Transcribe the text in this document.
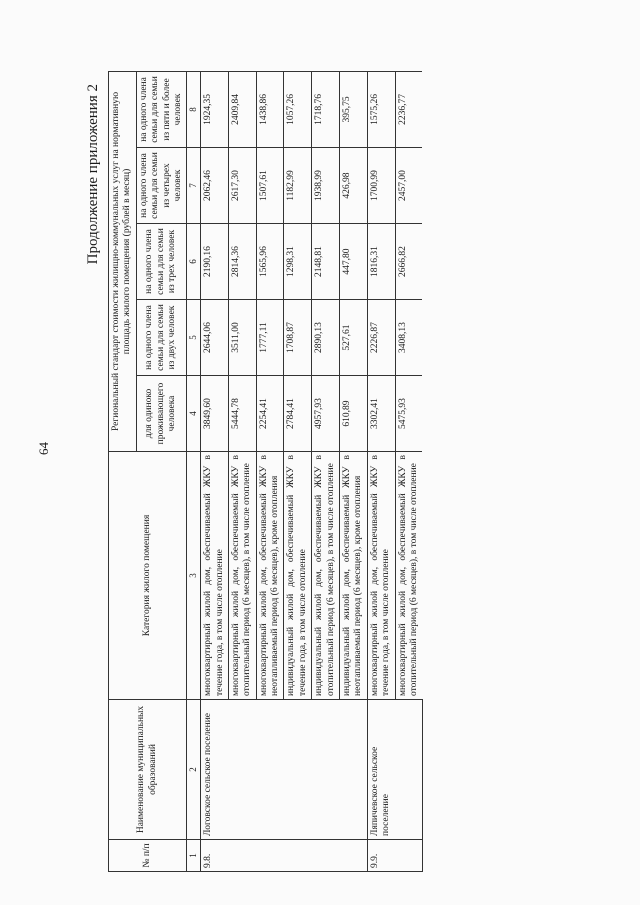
64
Продолжение приложения 2
№ п/п	Наименование муниципальных образований	Категория жилого помещения	Региональный стандарт стоимости жилищно-коммунальных услуг на нормативную площадь жилого помещения (рублей в месяц)				
			для одиноко проживающего человека	на одного члена семьи для семьи из двух человек	на одного члена семьи для семьи из трех человек	на одного члена семьи для семьи из четырех человек	на одного члена семьи для семьи из пяти и более человек
1	2	3	4	5	6	7	8
9.8.	Логовское сельское поселение	многоквартирный жилой дом, обеспечиваемый ЖКУ в течение года, в том числе отопление	3849,60	2644,06	2190,16	2062,46	1924,35
		многоквартирный жилой дом, обеспечиваемый ЖКУ в отопительный период (6 месяцев), в том числе отопление	5444,78	3511,00	2814,36	2617,30	2409,84
		многоквартирный жилой дом, обеспечиваемый ЖКУ в неотапливаемый период (6 месяцев), кроме отопления	2254,41	1777,11	1565,96	1507,61	1438,86
		индивидуальный жилой дом, обеспечиваемый ЖКУ в течение года, в том числе отопление	2784,41	1708,87	1298,31	1182,99	1057,26
		индивидуальный жилой дом, обеспечиваемый ЖКУ в отопительный период (6 месяцев), в том числе отопление	4957,93	2890,13	2148,81	1938,99	1718,76
		индивидуальный жилой дом, обеспечиваемый ЖКУ в неотапливаемый период (6 месяцев), кроме отопления	610,89	527,61	447,80	426,98	395,75
9.9.	Ляпичевское сельское поселение	многоквартирный жилой дом, обеспечиваемый ЖКУ в течение года, в том числе отопление	3302,41	2226,87	1816,31	1700,99	1575,26
		многоквартирный жилой дом, обеспечиваемый ЖКУ в отопительный период (6 месяцев), в том числе отопление	5475,93	3408,13	2666,82	2457,00	2236,77
